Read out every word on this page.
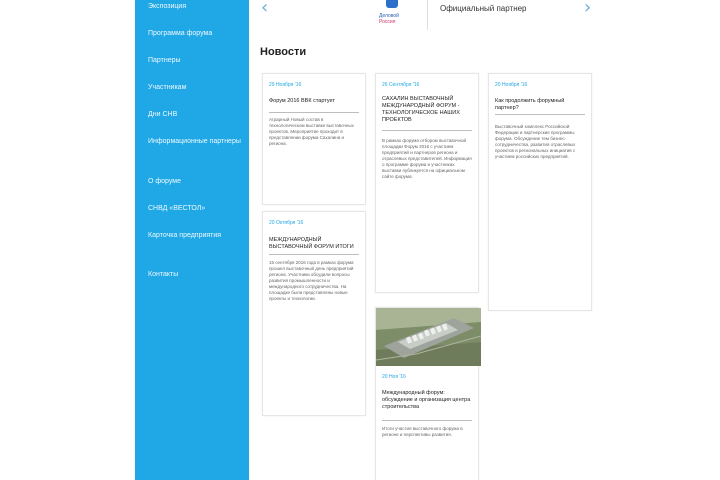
Экспозиция
Программа форума
Партнеры
Участникам
Дни СНВ
Информационные партнеры
О форуме
СНВД «ВЕСТОЛ»
Карточка предприятия
Контакты
‹	Деловой
Россия
Официальный партнер	›
Новости
29 Ноября '16
Форум 2016 ВВК стартует
Аграрный Новый состав в технологическом выставке выставочных проектов. Мероприятие проходит в представлении форума Сахалина и региона.
26 Сентября '16
САХАЛИН ВЫСТАВОЧНЫЙ МЕЖДУНАРОДНЫЙ ФОРУМ - ТЕХНОЛОГИЧЕСКОЕ НАШИХ ПРОЕКТОВ
В рамках форума отбором выставочной площадки Форум 2016 с участием предприятий и партнеров региона и отраслевых представителей. Информация о программе форума и участниках выставки публикуется на официальном сайте форума.
20 Ноября '16
Как продолжить форумный партнер?
Выставочный комплекс Российской Федерации и партнерские программы форума. Обсуждение тем бизнес-сотрудничества, развития отраслевых проектов и региональных инициатив с участием российских предприятий.
20 Октября '16
МЕЖДУНАРОДНЫЙ ВЫСТАВОЧНЫЙ ФОРУМ ИТОГИ
15 сентября 2016 года в рамках форума прошел выставочный день предприятий региона. Участники обсудили вопросы развития промышленности и международного сотрудничества. На площадке были представлены новые проекты и технологии.
20 Ноя '16
Международный форум: обсуждение и организация центра строительства
Итоги участия выставочного форума в регионе и перспективы развития.
